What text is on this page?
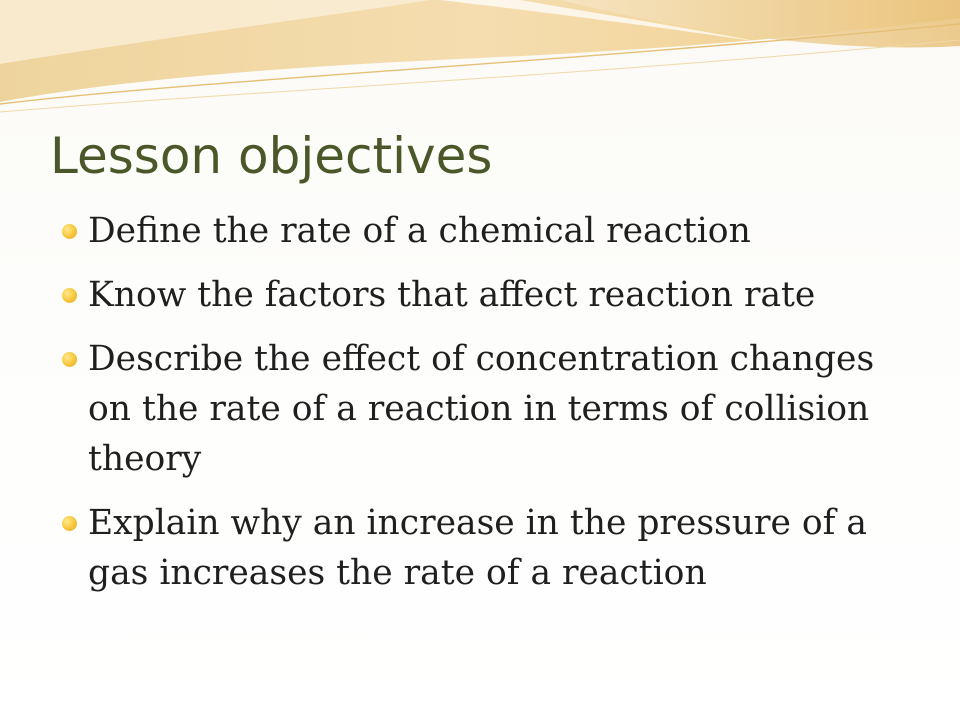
Lesson objectives
Define the rate of a chemical reaction
Know the factors that affect reaction rate
Describe the effect of concentration changes on the rate of a reaction in terms of collision theory
Explain why an increase in the pressure of a gas increases the rate of a reaction
